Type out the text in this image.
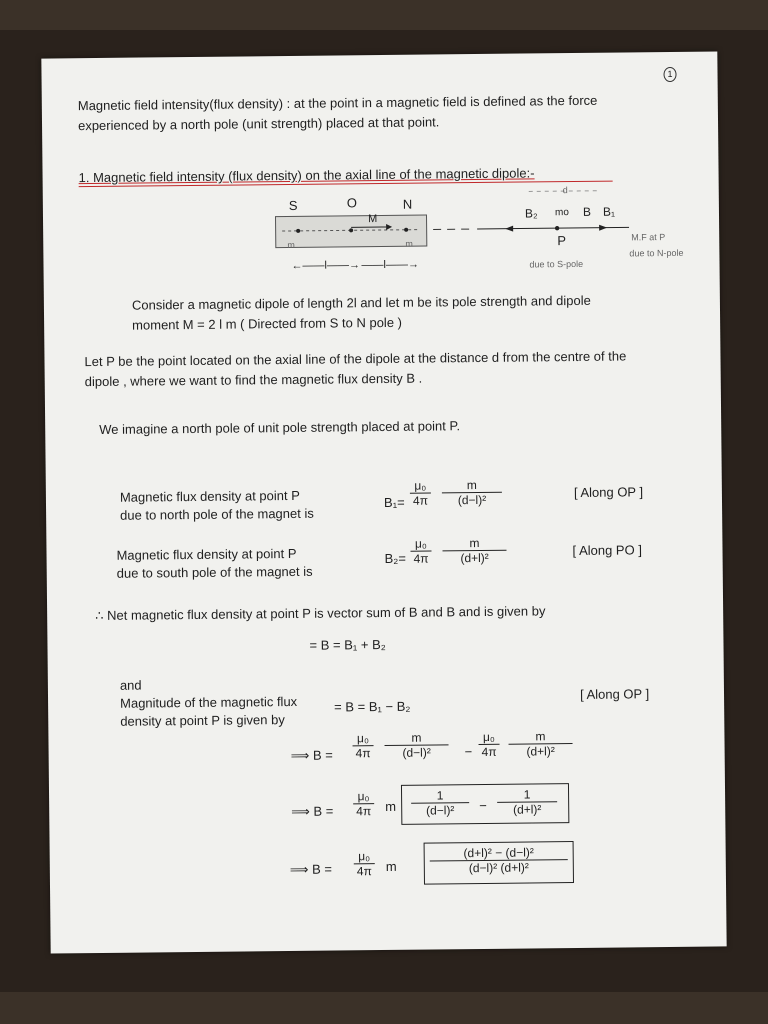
1
Magnetic field intensity(flux density) : at the point in a magnetic field is defined as the force
experienced by a north pole (unit strength) placed at that point.
1. Magnetic field intensity (flux density) on the axial line of the magnetic dipole:-
S	O	N
m	m
M
d
B₂ mo B B₁
P	M.F at P
due to N-pole
due to S-pole
←——l——→ ——l——→
Consider a magnetic dipole of length 2l and let m be its pole strength and dipole
moment M = 2 l m ( Directed from S to N pole )
Let P be the point located on the axial line of the dipole at the distance d from the centre of the
dipole , where we want to find the magnetic flux density B .
We imagine a north pole of unit pole strength placed at point P.
Magnetic flux density at point P
due to north pole of the magnet is
$B_1= \frac{\text{μ₀}}{4\pi} \frac{m}{\text{(d−l)²}}$	[ Along OP ]
Magnetic flux density at point P
due to south pole of the magnet is
$B_2= \frac{\text{μ₀}}{4\pi} \frac{m}{\text{(d+l)²}}$	[ Along PO ]
∴ Net magnetic flux density at point P is vector sum of B and B and is given by
= B = B₁ + B₂
and
Magnitude of the magnetic flux
density at point P is given by
= B = B₁ − B₂
[ Along OP ]
⟹ $B = \frac{\text{μ₀}}{4\pi} \frac{m}{\text{(d−l)²}} - \frac{\text{μ₀}}{4\pi} \frac{m}{\text{(d+l)²}}$
⟹ $B = \frac{\text{μ₀}}{4\pi}$ m $\frac{1}{\text{(d−l)²}} - \frac{1}{\text{(d+l)²}}$
⟹ $B = \frac{\text{μ₀}}{4\pi}$ m	$\frac{\text{(d+l)² − (d−l)²}}{\text{(d−l)² (d+l)²}}$
